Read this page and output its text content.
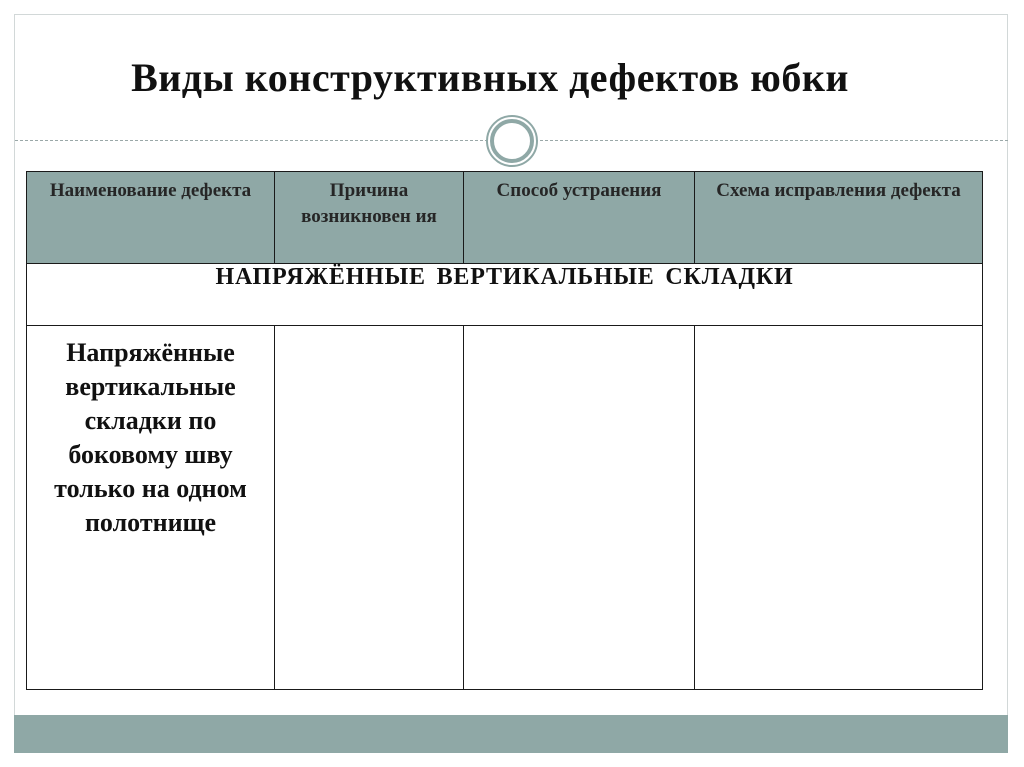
Виды конструктивных дефектов юбки
Наименование дефекта	Причина возникновен ия	Способ устранения	Схема исправления дефекта
НАПРЯЖЁННЫЕ ВЕРТИКАЛЬНЫЕ СКЛАДКИ			

Напряжённые вертикальные складки по боковому шву только на одном полотнище			
